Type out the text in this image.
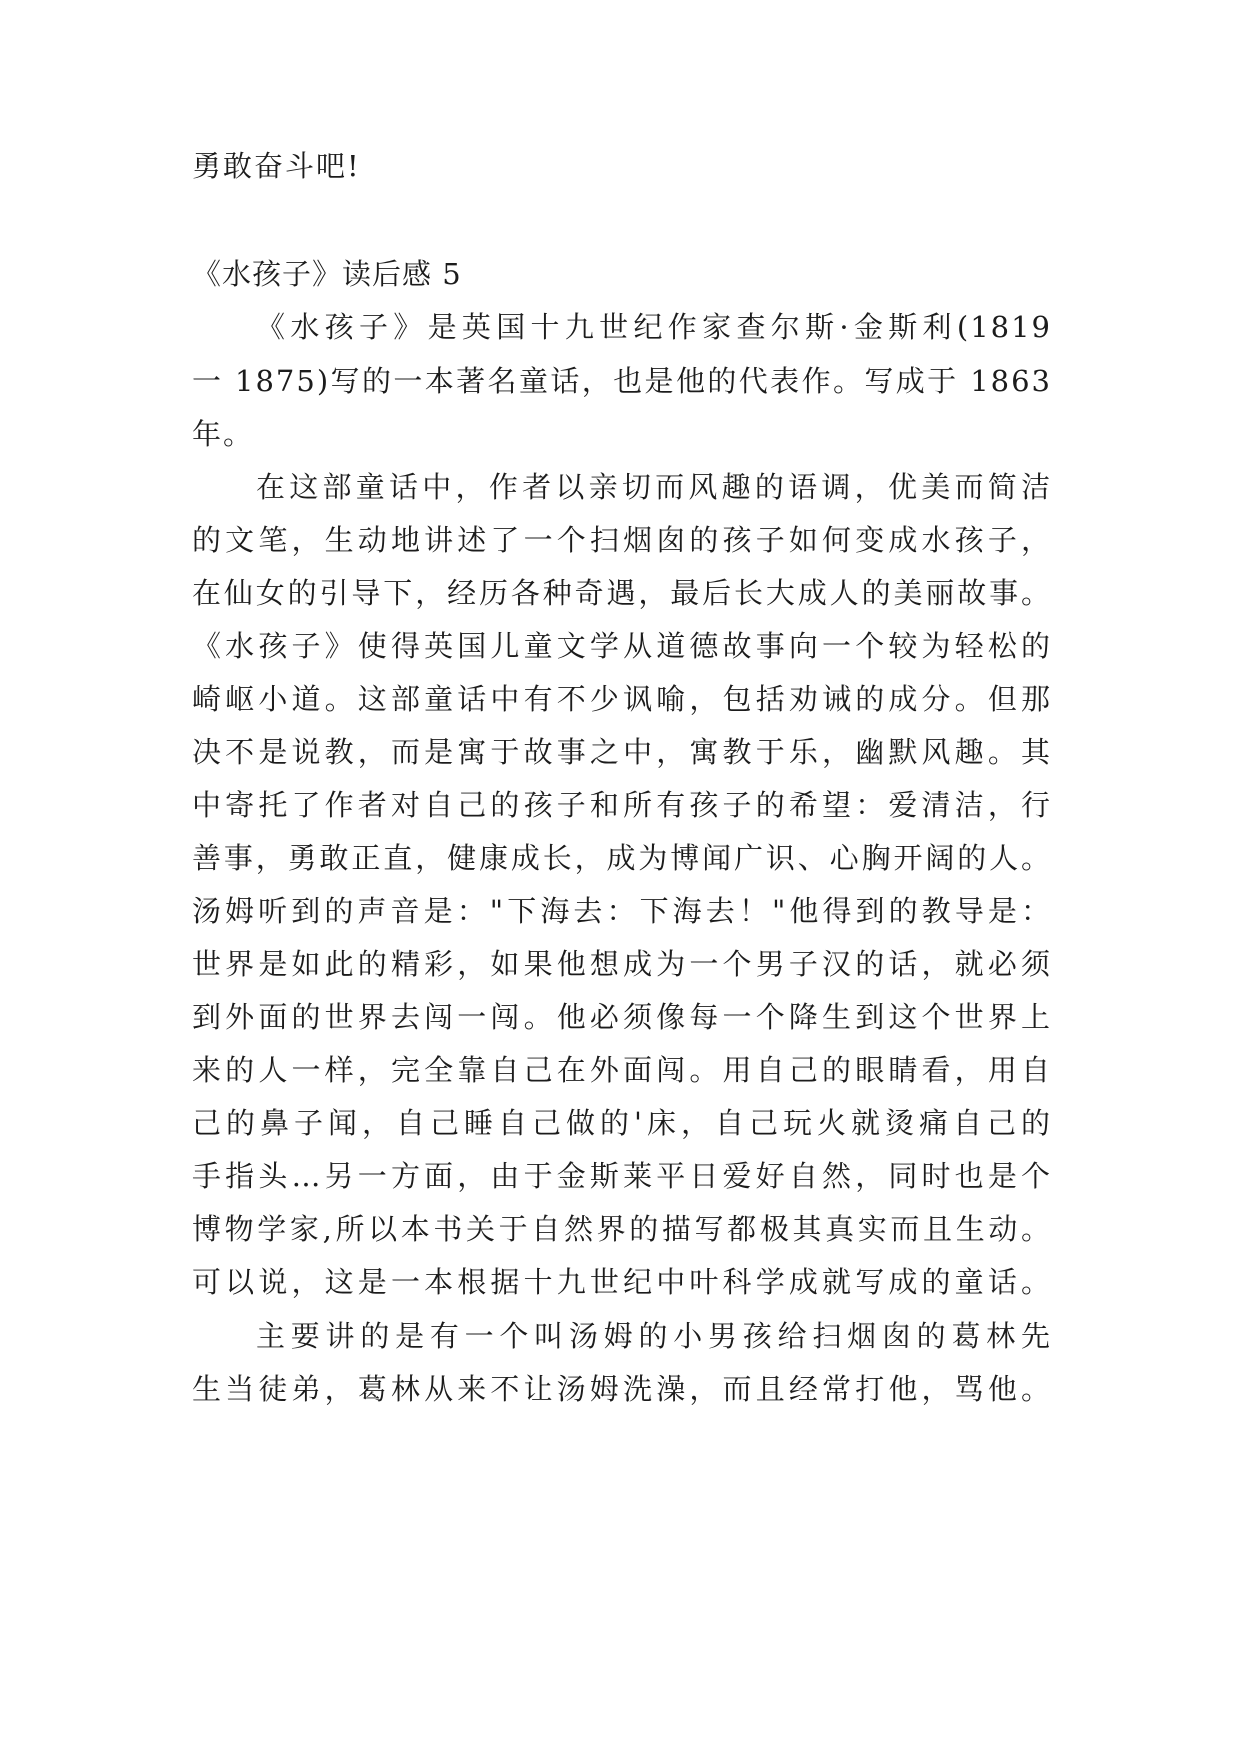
勇敢奋斗吧!
《水孩子》读后感 5
《水孩子》是英国十九世纪作家查尔斯·金斯利(1819
一 1875)写的一本著名童话，也是他的代表作。写成于 1863
年。
在这部童话中，作者以亲切而风趣的语调，优美而简洁
的文笔，生动地讲述了一个扫烟囱的孩子如何变成水孩子，
在仙女的引导下，经历各种奇遇，最后长大成人的美丽故事。
《水孩子》使得英国儿童文学从道德故事向一个较为轻松的
崎岖小道。这部童话中有不少讽喻，包括劝诫的成分。但那
决不是说教，而是寓于故事之中，寓教于乐，幽默风趣。其
中寄托了作者对自己的孩子和所有孩子的希望：爱清洁，行
善事，勇敢正直，健康成长，成为博闻广识、心胸开阔的人。
汤姆听到的声音是："下海去：下海去！"他得到的教导是：
世界是如此的精彩，如果他想成为一个男子汉的话，就必须
到外面的世界去闯一闯。他必须像每一个降生到这个世界上
来的人一样，完全靠自己在外面闯。用自己的眼睛看，用自
己的鼻子闻，自己睡自己做的'床，自己玩火就烫痛自己的
手指头…另一方面，由于金斯莱平日爱好自然，同时也是个
博物学家,所以本书关于自然界的描写都极其真实而且生动。
可以说，这是一本根据十九世纪中叶科学成就写成的童话。
主要讲的是有一个叫汤姆的小男孩给扫烟囱的葛林先
生当徒弟，葛林从来不让汤姆洗澡，而且经常打他，骂他。
